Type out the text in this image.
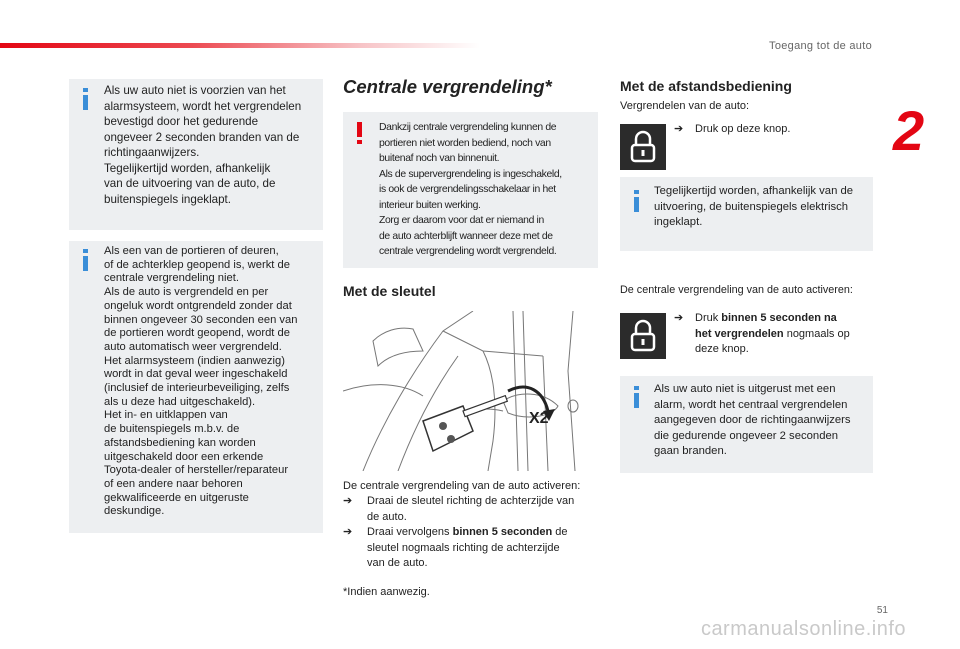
Toegang tot de auto
2
Als uw auto niet is voorzien van het
alarmsysteem, wordt het vergrendelen
bevestigd door het gedurende
ongeveer 2 seconden branden van de
richtingaanwijzers.
Tegelijkertijd worden, afhankelijk
van de uitvoering van de auto, de
buitenspiegels ingeklapt.
Als een van de portieren of deuren,
of de achterklep geopend is, werkt de
centrale vergrendeling niet.
Als de auto is vergrendeld en per
ongeluk wordt ontgrendeld zonder dat
binnen ongeveer 30 seconden een van
de portieren wordt geopend, wordt de
auto automatisch weer vergrendeld.
Het alarmsysteem (indien aanwezig)
wordt in dat geval weer ingeschakeld
(inclusief de interieurbeveiliging, zelfs
als u deze had uitgeschakeld).
Het in- en uitklappen van
de buitenspiegels m.b.v. de
afstandsbediening kan worden
uitgeschakeld door een erkende
Toyota-dealer of hersteller/reparateur
of een andere naar behoren
gekwalificeerde en uitgeruste
deskundige.
Centrale vergrendeling*
Dankzij centrale vergrendeling kunnen de
portieren niet worden bediend, noch van
buitenaf noch van binnenuit.
Als de supervergrendeling is ingeschakeld,
is ook de vergrendelingsschakelaar in het
interieur buiten werking.
Zorg er daarom voor dat er niemand in
de auto achterblijft wanneer deze met de
centrale vergrendeling wordt vergrendeld.
Met de sleutel
X2
De centrale vergrendeling van de auto activeren:
➔ Draai de sleutel richting de achterzijde van
de auto.
➔ Draai vervolgens binnen 5 seconden de
sleutel nogmaals richting de achterzijde
van de auto.
*Indien aanwezig.
Met de afstandsbediening
Vergrendelen van de auto:
➔ Druk op deze knop.
Tegelijkertijd worden, afhankelijk van de
uitvoering, de buitenspiegels elektrisch
ingeklapt.
De centrale vergrendeling van de auto activeren:
➔ Druk binnen 5 seconden na
het vergrendelen nogmaals op
deze knop.
Als uw auto niet is uitgerust met een
alarm, wordt het centraal vergrendelen
aangegeven door de richtingaanwijzers
die gedurende ongeveer 2 seconden
gaan branden.
51
carmanualsonline.info
